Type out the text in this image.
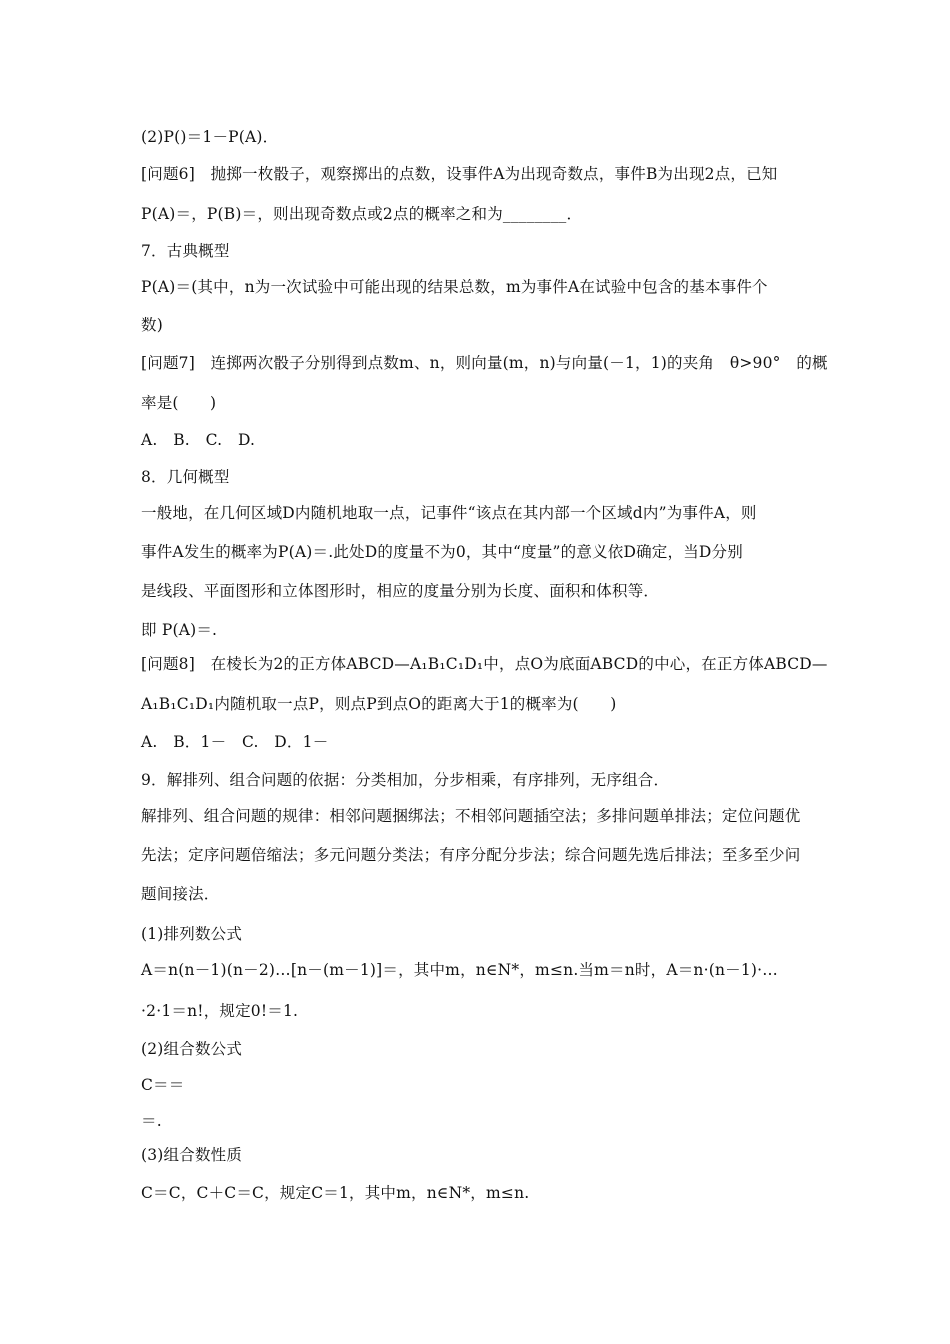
(2)P()＝1－P(A)．
[问题6]　抛掷一枚骰子，观察掷出的点数，设事件A为出现奇数点，事件B为出现2点，已知
P(A)＝，P(B)＝，则出现奇数点或2点的概率之和为________．
7．古典概型
P(A)＝(其中，n为一次试验中可能出现的结果总数，m为事件A在试验中包含的基本事件个
数)
[问题7]　连掷两次骰子分别得到点数m、n，则向量(m，n)与向量(－1，1)的夹角　θ>90°　的概
率是(　　)
A.　B.　C.　D.
8．几何概型
一般地，在几何区域D内随机地取一点，记事件“该点在其内部一个区域d内”为事件A，则
事件A发生的概率为P(A)＝.此处D的度量不为0，其中“度量”的意义依D确定，当D分别
是线段、平面图形和立体图形时，相应的度量分别为长度、面积和体积等．
即 P(A)＝.
[问题8]　在棱长为2的正方体ABCD—A₁B₁C₁D₁中，点O为底面ABCD的中心，在正方体ABCD—
A₁B₁C₁D₁内随机取一点P，则点P到点O的距离大于1的概率为(　　)
A.　B．1－　C.　D．1－
9．解排列、组合问题的依据：分类相加，分步相乘，有序排列，无序组合．
解排列、组合问题的规律：相邻问题捆绑法；不相邻问题插空法；多排问题单排法；定位问题优
先法；定序问题倍缩法；多元问题分类法；有序分配分步法；综合问题先选后排法；至多至少问
题间接法．
(1)排列数公式
A＝n(n－1)(n－2)…[n－(m－1)]＝，其中m，n∈N*，m≤n.当m＝n时，A＝n·(n－1)·…
·2·1＝n!，规定0!＝1.
(2)组合数公式
C＝＝
＝.
(3)组合数性质
C＝C，C＋C＝C，规定C＝1，其中m，n∈N*，m≤n.
